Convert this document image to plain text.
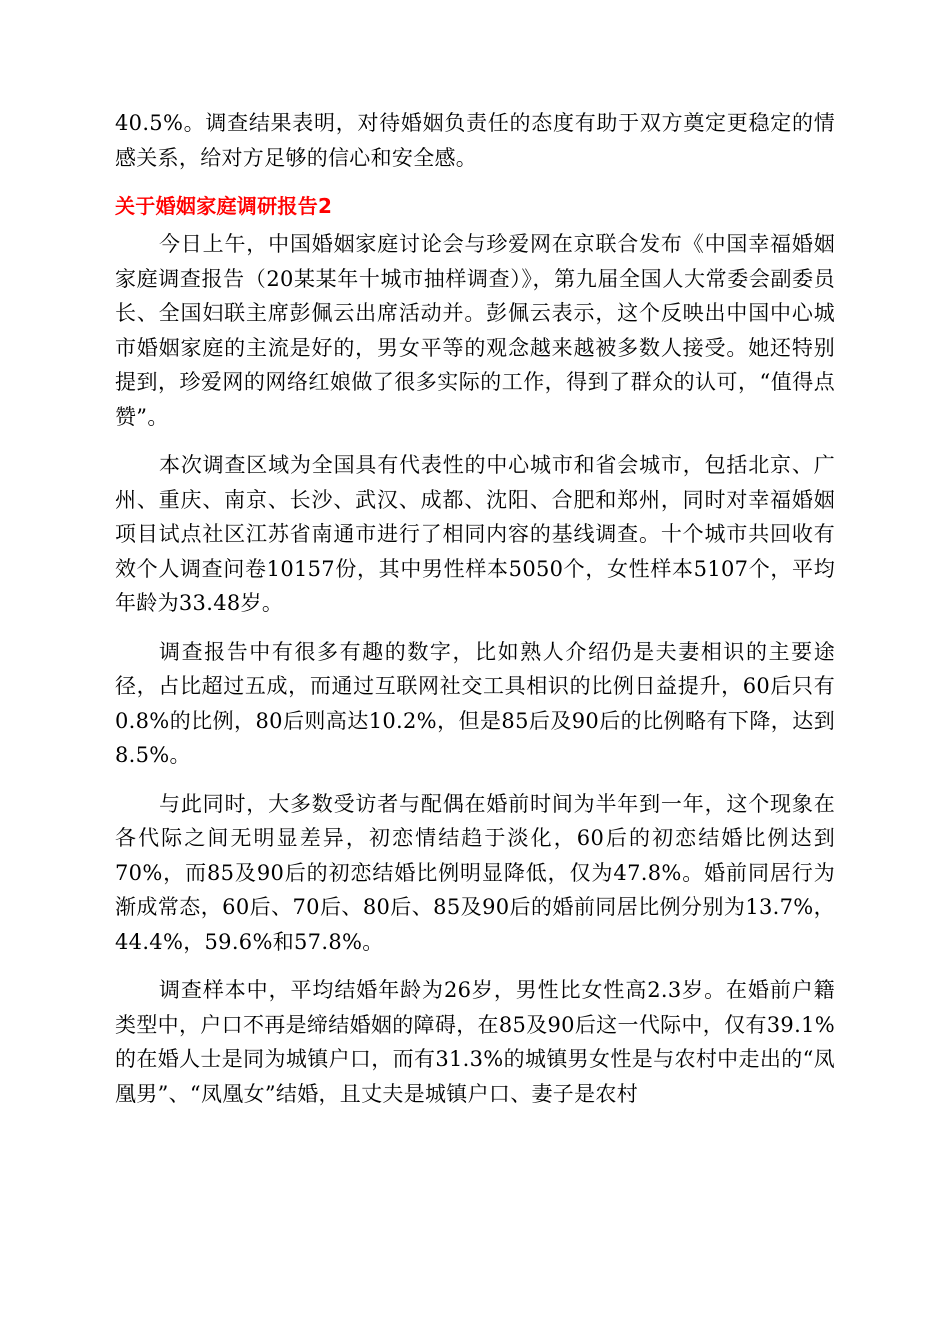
40.5%。调查结果表明，对待婚姻负责任的态度有助于双方奠定更稳定的情感关系，给对方足够的信心和安全感。

关于婚姻家庭调研报告2

今日上午，中国婚姻家庭讨论会与珍爱网在京联合发布《中国幸福婚姻家庭调查报告（20某某年十城市抽样调查）》，第九届全国人大常委会副委员长、全国妇联主席彭佩云出席活动并。彭佩云表示，这个反映出中国中心城市婚姻家庭的主流是好的，男女平等的观念越来越被多数人接受。她还特别提到，珍爱网的网络红娘做了很多实际的工作，得到了群众的认可，“值得点赞”。

本次调查区域为全国具有代表性的中心城市和省会城市，包括北京、广州、重庆、南京、长沙、武汉、成都、沈阳、合肥和郑州，同时对幸福婚姻项目试点社区江苏省南通市进行了相同内容的基线调查。十个城市共回收有效个人调查问卷10157份，其中男性样本5050个，女性样本5107个，平均年龄为33.48岁。

调查报告中有很多有趣的数字，比如熟人介绍仍是夫妻相识的主要途径，占比超过五成，而通过互联网社交工具相识的比例日益提升，60后只有0.8%的比例，80后则高达10.2%，但是85后及90后的比例略有下降，达到8.5%。

与此同时，大多数受访者与配偶在婚前时间为半年到一年，这个现象在各代际之间无明显差异，初恋情结趋于淡化，60后的初恋结婚比例达到70%，而85及90后的初恋结婚比例明显降低，仅为47.8%。婚前同居行为渐成常态，60后、70后、80后、85及90后的婚前同居比例分别为13.7%，44.4%，59.6%和57.8%。

调查样本中，平均结婚年龄为26岁，男性比女性高2.3岁。在婚前户籍类型中，户口不再是缔结婚姻的障碍，在85及90后这一代际中，仅有39.1%的在婚人士是同为城镇户口，而有31.3%的城镇男女性是与农村中走出的“凤凰男”、“凤凰女”结婚，且丈夫是城镇户口、妻子是农村
